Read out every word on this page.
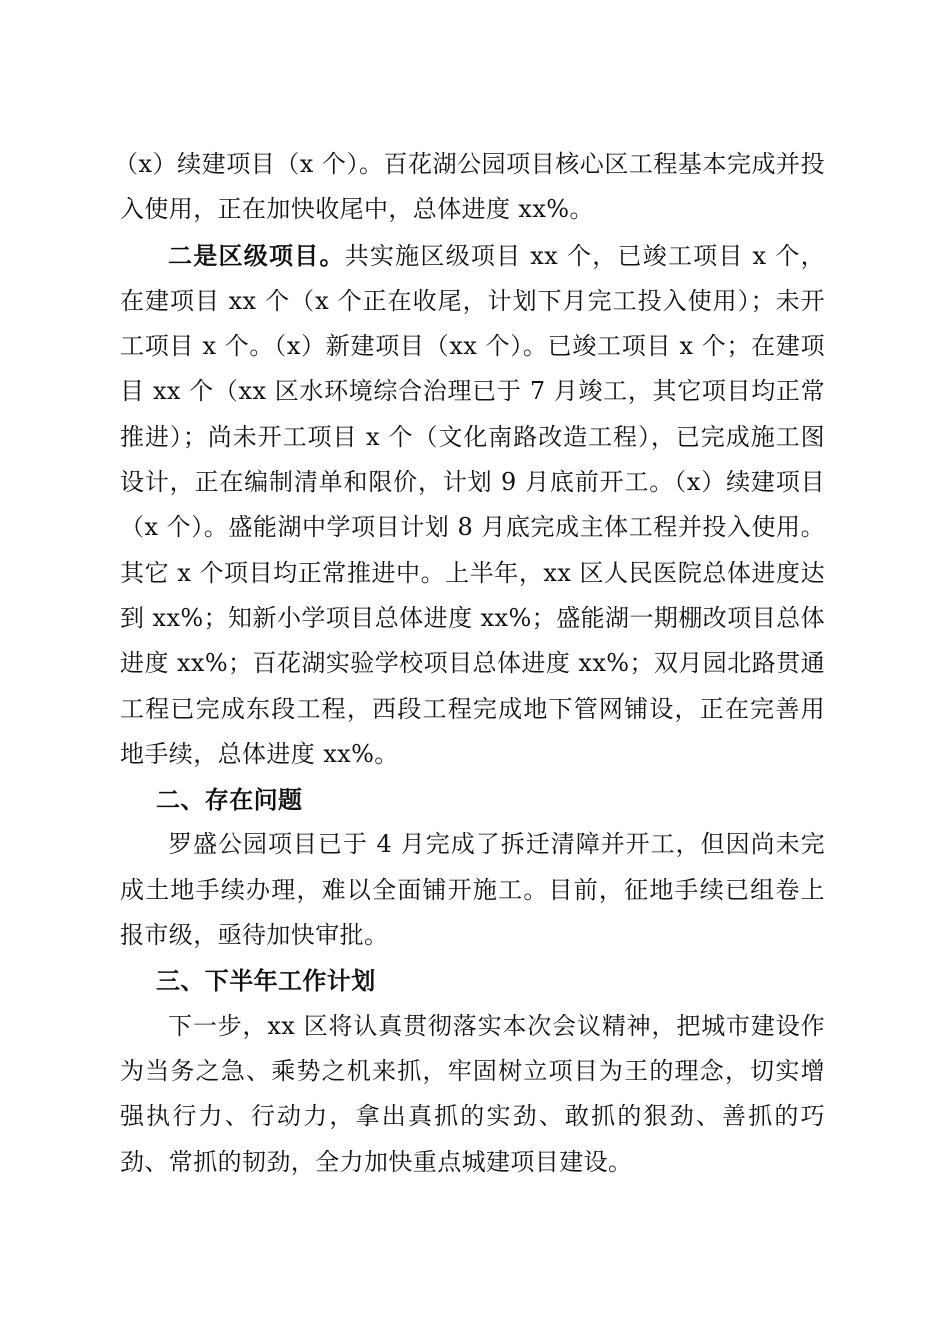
（x）续建项目（x 个）。百花湖公园项目核心区工程基本完成并投入使用，正在加快收尾中，总体进度 xx%。

二是区级项目。共实施区级项目 xx 个，已竣工项目 x 个，在建项目 xx 个（x 个正在收尾，计划下月完工投入使用）；未开工项目 x 个。（x）新建项目（xx 个）。已竣工项目 x 个；在建项目 xx 个（xx 区水环境综合治理已于 7 月竣工，其它项目均正常推进）；尚未开工项目 x 个（文化南路改造工程），已完成施工图设计，正在编制清单和限价，计划 9 月底前开工。（x）续建项目（x 个）。盛能湖中学项目计划 8 月底完成主体工程并投入使用。其它 x 个项目均正常推进中。上半年，xx 区人民医院总体进度达到 xx%；知新小学项目总体进度 xx%；盛能湖一期棚改项目总体进度 xx%；百花湖实验学校项目总体进度 xx%；双月园北路贯通工程已完成东段工程，西段工程完成地下管网铺设，正在完善用地手续，总体进度 xx%。

二、存在问题

罗盛公园项目已于 4 月完成了拆迁清障并开工，但因尚未完成土地手续办理，难以全面铺开施工。目前，征地手续已组卷上报市级，亟待加快审批。

三、下半年工作计划

下一步，xx 区将认真贯彻落实本次会议精神，把城市建设作为当务之急、乘势之机来抓，牢固树立项目为王的理念，切实增强执行力、行动力，拿出真抓的实劲、敢抓的狠劲、善抓的巧劲、常抓的韧劲，全力加快重点城建项目建设。
